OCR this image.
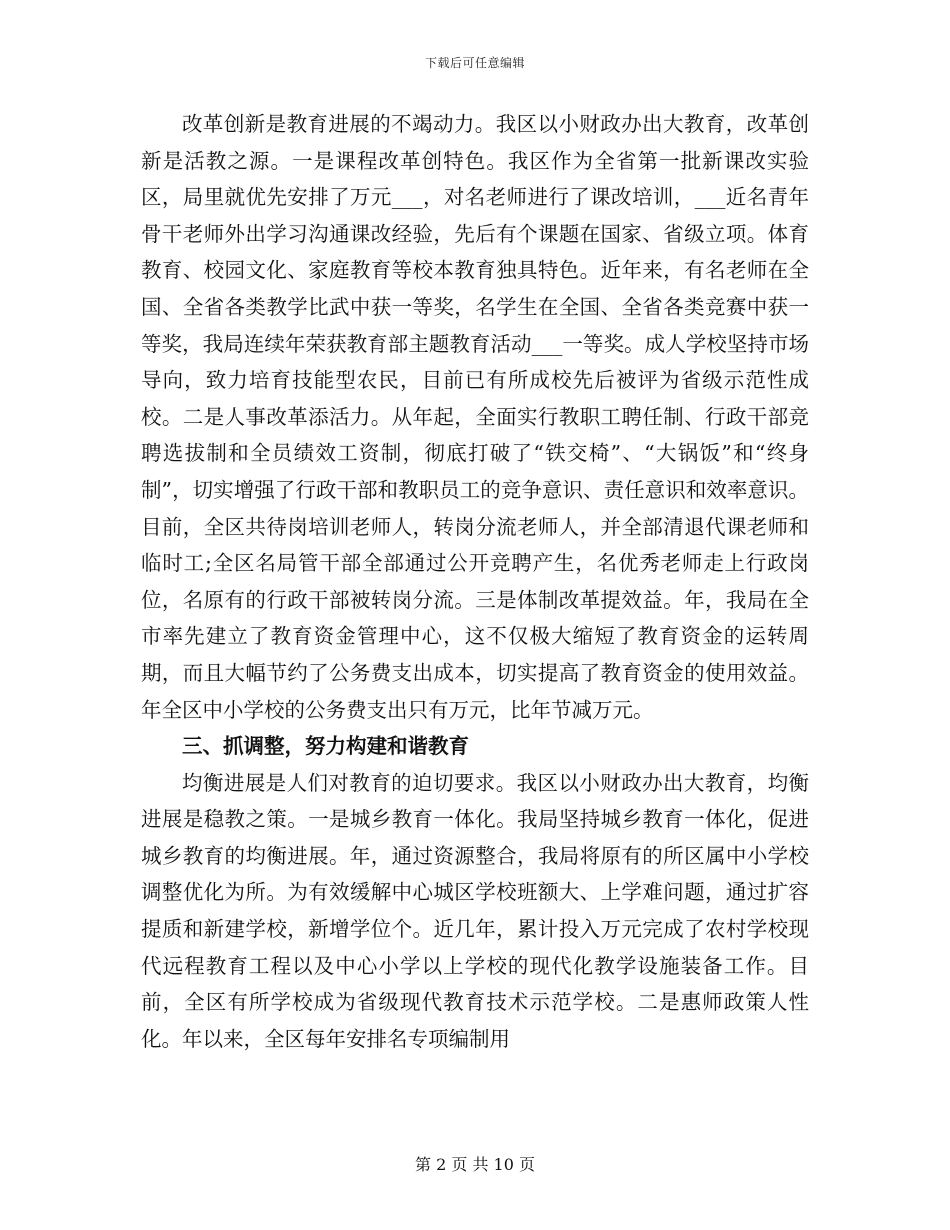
下载后可任意编辑

改革创新是教育进展的不竭动力。我区以小财政办出大教育，改革创新是活教之源。一是课程改革创特色。我区作为全省第一批新课改实验区，局里就优先安排了万元___，对名老师进行了课改培训，___近名青年骨干老师外出学习沟通课改经验，先后有个课题在国家、省级立项。体育教育、校园文化、家庭教育等校本教育独具特色。近年来，有名老师在全国、全省各类教学比武中获一等奖，名学生在全国、全省各类竞赛中获一等奖，我局连续年荣获教育部主题教育活动___一等奖。成人学校坚持市场导向，致力培育技能型农民，目前已有所成校先后被评为省级示范性成校。二是人事改革添活力。从年起，全面实行教职工聘任制、行政干部竞聘选拔制和全员绩效工资制，彻底打破了“铁交椅”、“大锅饭”和“终身制”，切实增强了行政干部和教职员工的竞争意识、责任意识和效率意识。目前，全区共待岗培训老师人，转岗分流老师人，并全部清退代课老师和临时工;全区名局管干部全部通过公开竞聘产生，名优秀老师走上行政岗位，名原有的行政干部被转岗分流。三是体制改革提效益。年，我局在全市率先建立了教育资金管理中心，这不仅极大缩短了教育资金的运转周期，而且大幅节约了公务费支出成本，切实提高了教育资金的使用效益。年全区中小学校的公务费支出只有万元，比年节减万元。

三、抓调整，努力构建和谐教育

均衡进展是人们对教育的迫切要求。我区以小财政办出大教育，均衡进展是稳教之策。一是城乡教育一体化。我局坚持城乡教育一体化，促进城乡教育的均衡进展。年，通过资源整合，我局将原有的所区属中小学校调整优化为所。为有效缓解中心城区学校班额大、上学难问题，通过扩容提质和新建学校，新增学位个。近几年，累计投入万元完成了农村学校现代远程教育工程以及中心小学以上学校的现代化教学设施装备工作。目前，全区有所学校成为省级现代教育技术示范学校。二是惠师政策人性化。年以来，全区每年安排名专项编制用

第 2 页 共 10 页
